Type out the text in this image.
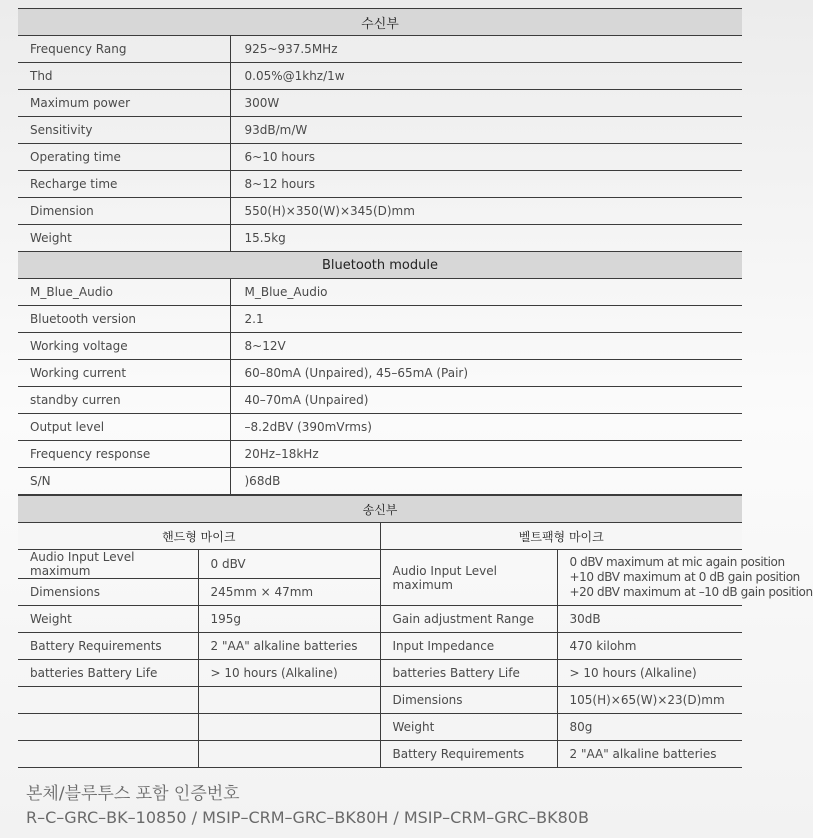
수신부	
Frequency Rang	925~937.5MHz
Thd	0.05%@1khz/1w
Maximum power	300W
Sensitivity	93dB/m/W
Operating time	6~10 hours
Recharge time	8~12 hours
Dimension	550(H)×350(W)×345(D)mm
Weight	15.5kg
Bluetooth module	
M_Blue_Audio	M_Blue_Audio
Bluetooth version	2.1
Working voltage	8~12V
Working current	60–80mA (Unpaired), 45–65mA (Pair)
standby curren	40–70mA (Unpaired)
Output level	–8.2dBV (390mVrms)
Frequency response	20Hz–18kHz
S/N	)68dB
송신부			
핸드형 마이크		벨트팩형 마이크	
Audio Input Level maximum	0 dBV	Audio Input Level maximum	0 dBV maximum at mic again position
+10 dBV maximum at 0 dB gain position
+20 dBV maximum at –10 dB gain position

Dimensions	245mm × 47mm		
Weight	195g	Gain adjustment Range	30dB
Battery Requirements	2 "AA" alkaline batteries	Input Impedance	470 kilohm
batteries Battery Life	> 10 hours (Alkaline)	batteries Battery Life	> 10 hours (Alkaline)
		Dimensions	105(H)×65(W)×23(D)mm
		Weight	80g
		Battery Requirements	2 "AA" alkaline batteries
본체/블루투스 포함 인증번호
R–C–GRC–BK–10850 / MSIP–CRM–GRC–BK80H / MSIP–CRM–GRC–BK80B
